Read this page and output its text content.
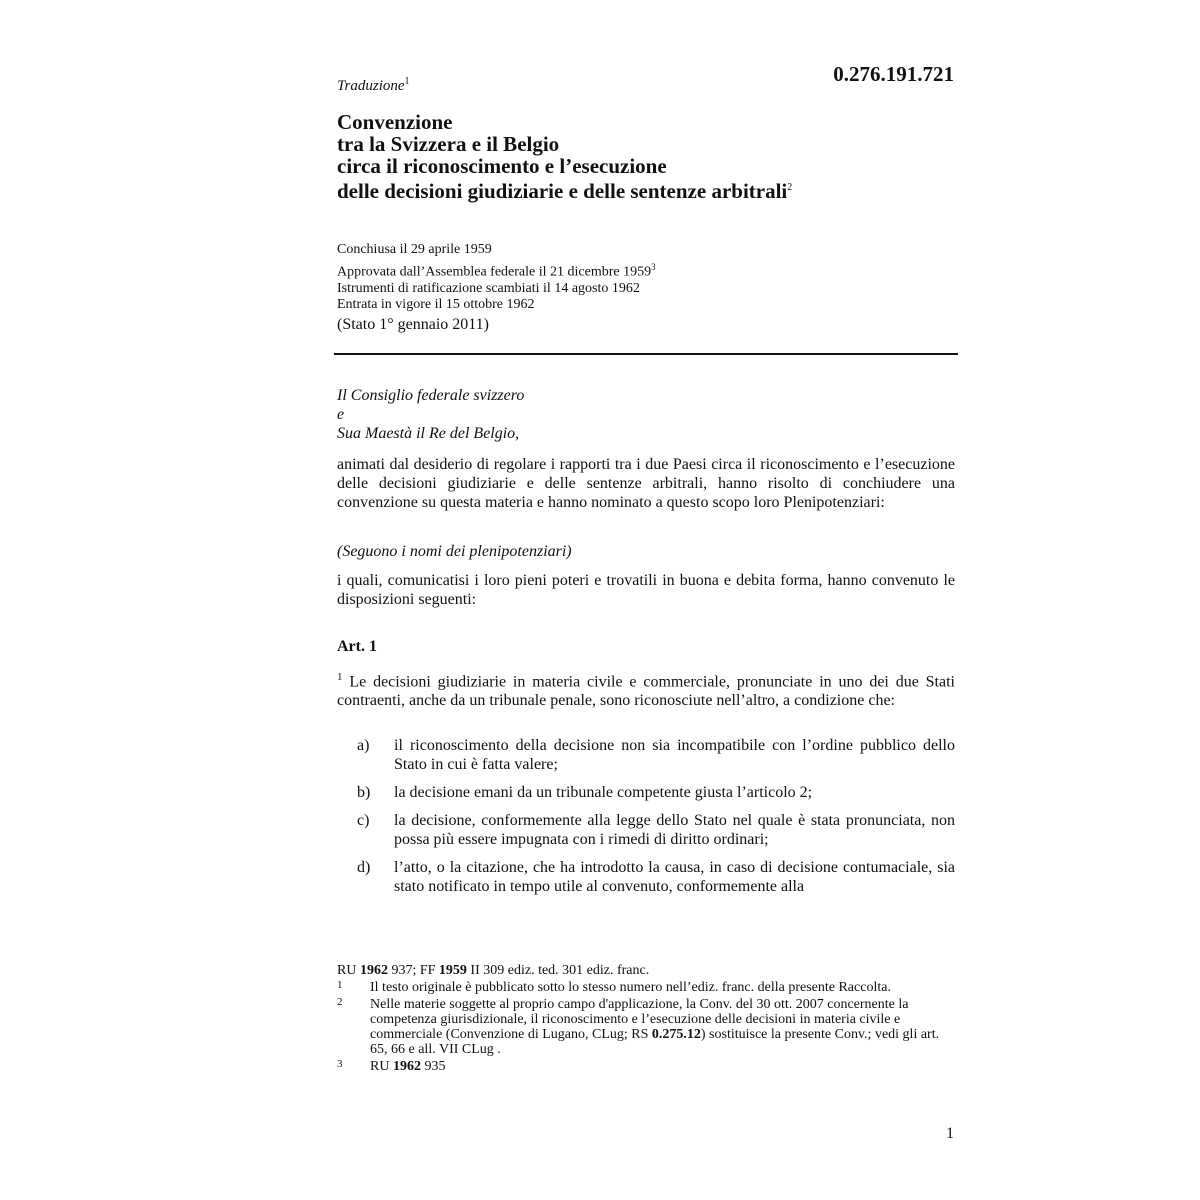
Traduzione$^1$	0.276.191.721
Convenzione
tra la Svizzera e il Belgio
circa il riconoscimento e l’esecuzione
delle decisioni giudiziarie e delle sentenze arbitrali$^2$
Conchiusa il 29 aprile 1959
Approvata dall’Assemblea federale il 21 dicembre 1959$^3$
Istrumenti di ratificazione scambiati il 14 agosto 1962
Entrata in vigore il 15 ottobre 1962
(Stato 1° gennaio 2011)
Il Consiglio federale svizzero
e
Sua Maestà il Re del Belgio,
animati dal desiderio di regolare i rapporti tra i due Paesi circa il riconoscimento e l’esecuzione delle decisioni giudiziarie e delle sentenze arbitrali, hanno risolto di conchiudere una convenzione su questa materia e hanno nominato a questo scopo loro Plenipotenziari:
(Seguono i nomi dei plenipotenziari)
i quali, comunicatisi i loro pieni poteri e trovatili in buona e debita forma, hanno convenuto le disposizioni seguenti:
Art. 1
$^1$ Le decisioni giudiziarie in materia civile e commerciale, pronunciate in uno dei due Stati contraenti, anche da un tribunale penale, sono riconosciute nell’altro, a condizione che:
a) il riconoscimento della decisione non sia incompatibile con l’ordine pubblico dello Stato in cui è fatta valere;
b) la decisione emani da un tribunale competente giusta l’articolo 2;
c) la decisione, conformemente alla legge dello Stato nel quale è stata pronunciata, non possa più essere impugnata con i rimedi di diritto ordinari;
d) l’atto, o la citazione, che ha introdotto la causa, in caso di decisione contumaciale, sia stato notificato in tempo utile al convenuto, conformemente alla
RU 1962 937; FF 1959 II 309 ediz. ted. 301 ediz. franc.
1 Il testo originale è pubblicato sotto lo stesso numero nell’ediz. franc. della presente Raccolta.
2 Nelle materie soggette al proprio campo d'applicazione, la Conv. del 30 ott. 2007 concernente la competenza giurisdizionale, il riconoscimento e l’esecuzione delle decisioni in materia civile e commerciale (Convenzione di Lugano, CLug; RS 0.275.12) sostituisce la presente Conv.; vedi gli art. 65, 66 e all. VII CLug .
3 RU 1962 935
1
